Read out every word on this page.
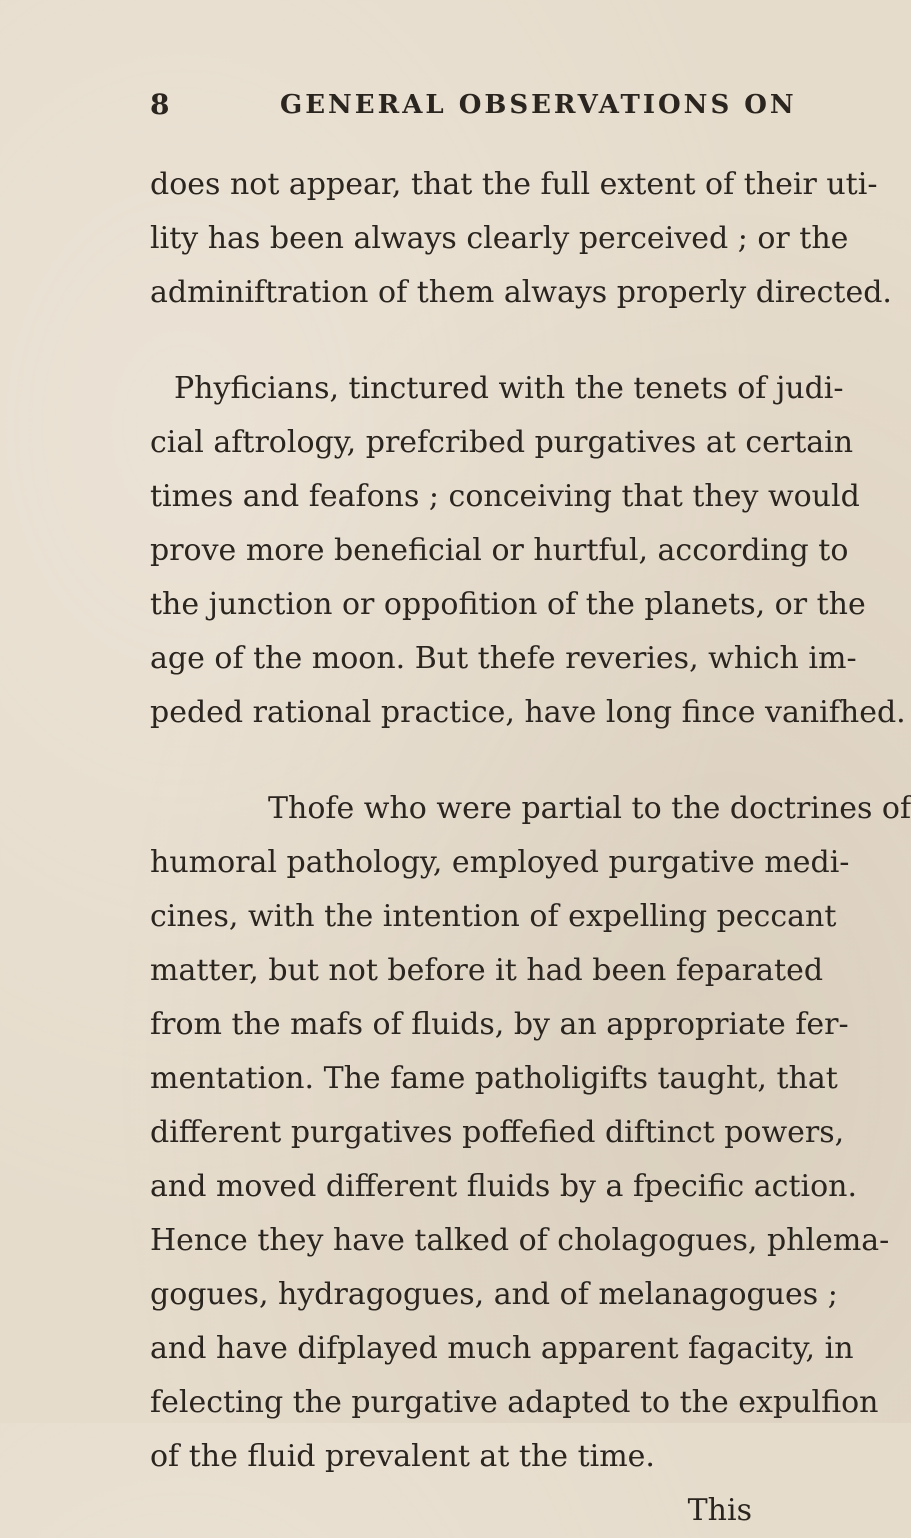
8	GENERAL OBSERVATIONS ON

does not appear, that the full extent of their uti-
lity has been always clearly perceived ; or the
adminiftration of them always properly directed.

Phyficians, tinctured with the tenets of judi-
cial aftrology, prefcribed purgatives at certain
times and feafons ; conceiving that they would
prove more beneficial or hurtful, according to
the junction or oppofition of the planets, or the
age of the moon. But thefe reveries, which im-
peded rational practice, have long fince vanifhed.

Thofe who were partial to the doctrines of
humoral pathology, employed purgative medi-
cines, with the intention of expelling peccant
matter, but not before it had been feparated
from the mafs of fluids, by an appropriate fer-
mentation. The fame patholigifts taught, that
different purgatives poffefied diftinct powers,
and moved different fluids by a fpecific action.
Hence they have talked of cholagogues, phlema-
gogues, hydragogues, and of melanagogues ;
and have difplayed much apparent fagacity, in
felecting the purgative adapted to the expulfion
of the fluid prevalent at the time.

This
